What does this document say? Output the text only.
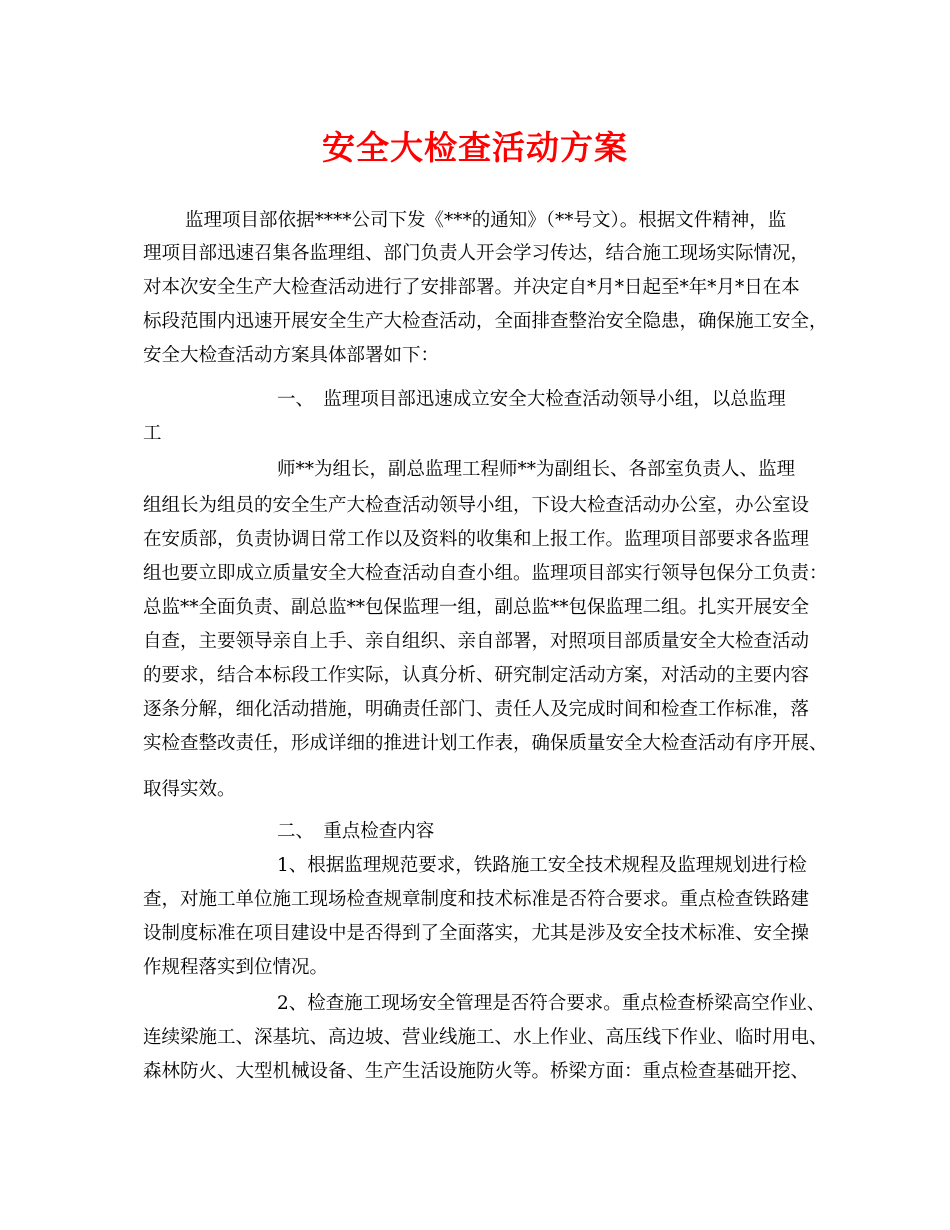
安全大检查活动方案
监理项目部依据****公司下发《***的通知》（**号文）。根据文件精神，监
理项目部迅速召集各监理组、部门负责人开会学习传达，结合施工现场实际情况，
对本次安全生产大检查活动进行了安排部署。并决定自*月*日起至*年*月*日在本
标段范围内迅速开展安全生产大检查活动，全面排查整治安全隐患，确保施工安全，
安全大检查活动方案具体部署如下：
一、　监理项目部迅速成立安全大检查活动领导小组，以总监理
工
师**为组长，副总监理工程师**为副组长、各部室负责人、监理
组组长为组员的安全生产大检查活动领导小组，下设大检查活动办公室，办公室设
在安质部，负责协调日常工作以及资料的收集和上报工作。监理项目部要求各监理
组也要立即成立质量安全大检查活动自查小组。监理项目部实行领导包保分工负责：
总监**全面负责、副总监**包保监理一组，副总监**包保监理二组。扎实开展安全
自查，主要领导亲自上手、亲自组织、亲自部署，对照项目部质量安全大检查活动
的要求，结合本标段工作实际，认真分析、研究制定活动方案，对活动的主要内容
逐条分解，细化活动措施，明确责任部门、责任人及完成时间和检查工作标准，落
实检查整改责任，形成详细的推进计划工作表，确保质量安全大检查活动有序开展、
取得实效。
二、　重点检查内容
1、根据监理规范要求，铁路施工安全技术规程及监理规划进行检
查，对施工单位施工现场检查规章制度和技术标准是否符合要求。重点检查铁路建
设制度标准在项目建设中是否得到了全面落实，尤其是涉及安全技术标准、安全操
作规程落实到位情况。
2、检查施工现场安全管理是否符合要求。重点检查桥梁高空作业、
连续梁施工、深基坑、高边坡、营业线施工、水上作业、高压线下作业、临时用电、
森林防火、大型机械设备、生产生活设施防火等。桥梁方面：重点检查基础开挖、
